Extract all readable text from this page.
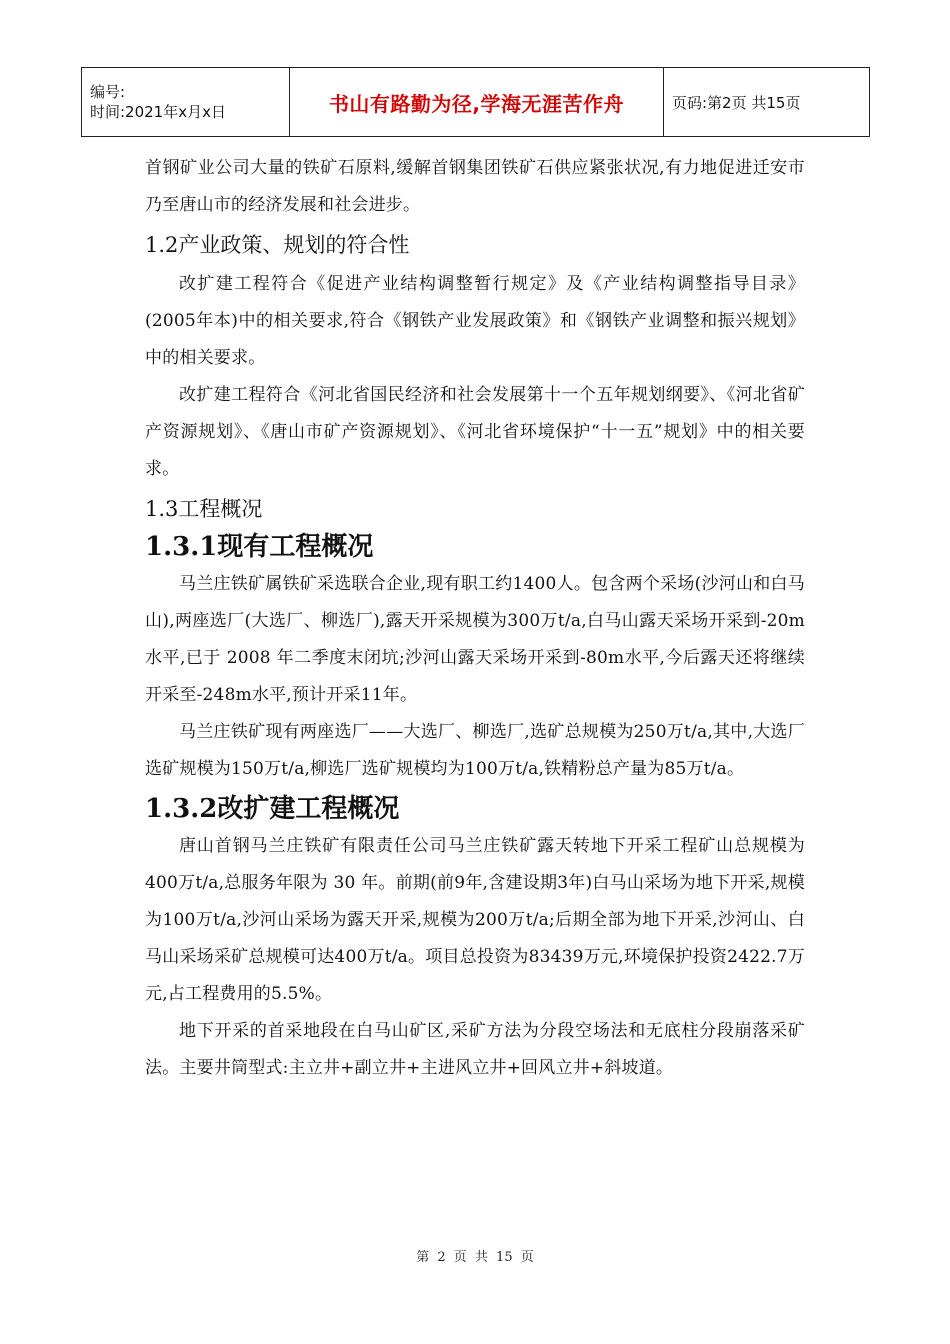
编号:
时间:2021年x月x日	书山有路勤为径,学海无涯苦作舟	页码:第2页 共15页

首钢矿业公司大量的铁矿石原料,缓解首钢集团铁矿石供应紧张状况,有力地促进迁安市乃至唐山市的经济发展和社会进步。

1.2产业政策、规划的符合性

改扩建工程符合《促进产业结构调整暂行规定》及《产业结构调整指导目录》(2005年本)中的相关要求,符合《钢铁产业发展政策》和《钢铁产业调整和振兴规划》中的相关要求。

改扩建工程符合《河北省国民经济和社会发展第十一个五年规划纲要》、《河北省矿产资源规划》、《唐山市矿产资源规划》、《河北省环境保护“十一五”规划》中的相关要求。

1.3工程概况
1.3.1现有工程概况

马兰庄铁矿属铁矿采选联合企业,现有职工约1400人。包含两个采场(沙河山和白马山),两座选厂(大选厂、柳选厂),露天开采规模为300万t/a,白马山露天采场开采到-20m水平,已于 2008 年二季度末闭坑;沙河山露天采场开采到-80m水平,今后露天还将继续开采至-248m水平,预计开采11年。

马兰庄铁矿现有两座选厂——大选厂、柳选厂,选矿总规模为250万t/a,其中,大选厂选矿规模为150万t/a,柳选厂选矿规模均为100万t/a,铁精粉总产量为85万t/a。

1.3.2改扩建工程概况

唐山首钢马兰庄铁矿有限责任公司马兰庄铁矿露天转地下开采工程矿山总规模为400万t/a,总服务年限为 30 年。前期(前9年,含建设期3年)白马山采场为地下开采,规模为100万t/a,沙河山采场为露天开采,规模为200万t/a;后期全部为地下开采,沙河山、白马山采场采矿总规模可达400万t/a。项目总投资为83439万元,环境保护投资2422.7万元,占工程费用的5.5%。

地下开采的首采地段在白马山矿区,采矿方法为分段空场法和无底柱分段崩落采矿法。主要井筒型式:主立井+副立井+主进风立井+回风立井+斜坡道。

第 2 页 共 15 页
